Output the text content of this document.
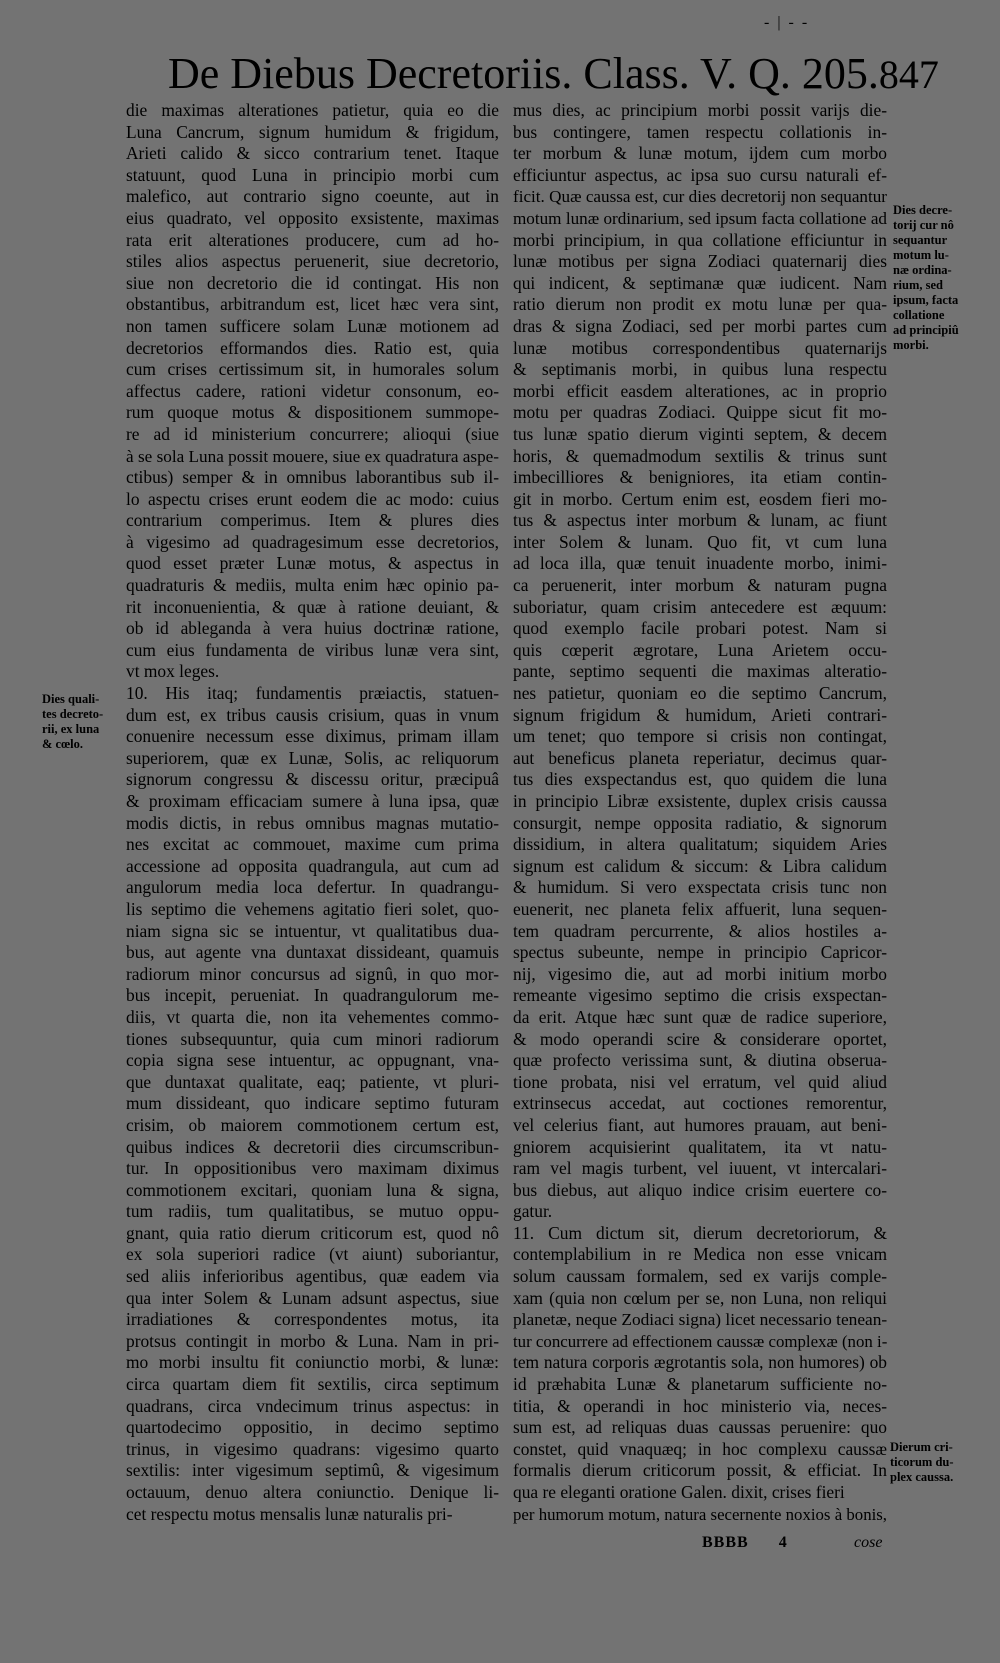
- | - -
De Diebus Decretoriis. Class. V. Q. 205. 847
die maximas alterationes patietur, quia eo die
Luna Cancrum, signum humidum & frigidum,
Arieti calido & sicco contrarium tenet. Itaque
statuunt, quod Luna in principio morbi cum
malefico, aut contrario signo coeunte, aut in
eius quadrato, vel opposito exsistente, maximas
rata erit alterationes producere, cum ad ho-
stiles alios aspectus peruenerit, siue decretorio,
siue non decretorio die id contingat. His non
obstantibus, arbitrandum est, licet hæc vera sint,
non tamen sufficere solam Lunæ motionem ad
decretorios efformandos dies. Ratio est, quia
cum crises certissimum sit, in humorales solum
affectus cadere, rationi videtur consonum, eo-
rum quoque motus & dispositionem summope-
re ad id ministerium concurrere; alioqui (siue
à se sola Luna possit mouere, siue ex quadratura aspe-
ctibus) semper & in omnibus laborantibus sub il-
lo aspectu crises erunt eodem die ac modo: cuius
contrarium comperimus. Item & plures dies
à vigesimo ad quadragesimum esse decretorios,
quod esset præter Lunæ motus, & aspectus in
quadraturis & mediis, multa enim hæc opinio pa-
rit inconuenientia, & quæ à ratione deuiant, &
ob id ableganda à vera huius doctrinæ ratione,
cum eius fundamenta de viribus lunæ vera sint,
vt mox leges.
10. His itaq; fundamentis præiactis, statuen-
dum est, ex tribus causis crisium, quas in vnum
conuenire necessum esse diximus, primam illam
superiorem, quæ ex Lunæ, Solis, ac reliquorum
signorum congressu & discessu oritur, præcipuâ
& proximam efficaciam sumere à luna ipsa, quæ
modis dictis, in rebus omnibus magnas mutatio-
nes excitat ac commouet, maxime cum prima
accessione ad opposita quadrangula, aut cum ad
angulorum media loca defertur. In quadrangu-
lis septimo die vehemens agitatio fieri solet, quo-
niam signa sic se intuentur, vt qualitatibus dua-
bus, aut agente vna duntaxat dissideant, quamuis
radiorum minor concursus ad signû, in quo mor-
bus incepit, perueniat. In quadrangulorum me-
diis, vt quarta die, non ita vehementes commo-
tiones subsequuntur, quia cum minori radiorum
copia signa sese intuentur, ac oppugnant, vna-
que duntaxat qualitate, eaq; patiente, vt pluri-
mum dissideant, quo indicare septimo futuram
crisim, ob maiorem commotionem certum est,
quibus indices & decretorii dies circumscribun-
tur. In oppositionibus vero maximam diximus
commotionem excitari, quoniam luna & signa,
tum radiis, tum qualitatibus, se mutuo oppu-
gnant, quia ratio dierum criticorum est, quod nô
ex sola superiori radice (vt aiunt) suboriantur,
sed aliis inferioribus agentibus, quæ eadem via
qua inter Solem & Lunam adsunt aspectus, siue
irradiationes & correspondentes motus, ita
protsus contingit in morbo & Luna. Nam in pri-
mo morbi insultu fit coniunctio morbi, & lunæ:
circa quartam diem fit sextilis, circa septimum
quadrans, circa vndecimum trinus aspectus: in
quartodecimo oppositio, in decimo septimo
trinus, in vigesimo quadrans: vigesimo quarto
sextilis: inter vigesimum septimû, & vigesimum
octauum, denuo altera coniunctio. Denique li-
cet respectu motus mensalis lunæ naturalis pri-
mus dies, ac principium morbi possit varijs die-
bus contingere, tamen respectu collationis in-
ter morbum & lunæ motum, ijdem cum morbo
efficiuntur aspectus, ac ipsa suo cursu naturali ef-
ficit. Quæ caussa est, cur dies decretorij non sequantur
motum lunæ ordinarium, sed ipsum facta collatione ad
morbi principium, in qua collatione efficiuntur in
lunæ motibus per signa Zodiaci quaternarij dies
qui indicent, & septimanæ quæ iudicent. Nam
ratio dierum non prodit ex motu lunæ per qua-
dras & signa Zodiaci, sed per morbi partes cum
lunæ motibus correspondentibus quaternarijs
& septimanis morbi, in quibus luna respectu
morbi efficit easdem alterationes, ac in proprio
motu per quadras Zodiaci. Quippe sicut fit mo-
tus lunæ spatio dierum viginti septem, & decem
horis, & quemadmodum sextilis & trinus sunt
imbecilliores & benigniores, ita etiam contin-
git in morbo. Certum enim est, eosdem fieri mo-
tus & aspectus inter morbum & lunam, ac fiunt
inter Solem & lunam. Quo fit, vt cum luna
ad loca illa, quæ tenuit inuadente morbo, inimi-
ca peruenerit, inter morbum & naturam pugna
suboriatur, quam crisim antecedere est æquum:
quod exemplo facile probari potest. Nam si
quis cœperit ægrotare, Luna Arietem occu-
pante, septimo sequenti die maximas alteratio-
nes patietur, quoniam eo die septimo Cancrum,
signum frigidum & humidum, Arieti contrari-
um tenet; quo tempore si crisis non contingat,
aut beneficus planeta reperiatur, decimus quar-
tus dies exspectandus est, quo quidem die luna
in principio Libræ exsistente, duplex crisis caussa
consurgit, nempe opposita radiatio, & signorum
dissidium, in altera qualitatum; siquidem Aries
signum est calidum & siccum: & Libra calidum
& humidum. Si vero exspectata crisis tunc non
euenerit, nec planeta felix affuerit, luna sequen-
tem quadram percurrente, & alios hostiles a-
spectus subeunte, nempe in principio Capricor-
nij, vigesimo die, aut ad morbi initium morbo
remeante vigesimo septimo die crisis exspectan-
da erit. Atque hæc sunt quæ de radice superiore,
& modo operandi scire & considerare oportet,
quæ profecto verissima sunt, & diutina obserua-
tione probata, nisi vel erratum, vel quid aliud
extrinsecus accedat, aut coctiones remorentur,
vel celerius fiant, aut humores prauam, aut beni-
gniorem acquisierint qualitatem, ita vt natu-
ram vel magis turbent, vel iuuent, vt intercalari-
bus diebus, aut aliquo indice crisim euertere co-
gatur.
11. Cum dictum sit, dierum decretoriorum, &
contemplabilium in re Medica non esse vnicam
solum caussam formalem, sed ex varijs comple-
xam (quia non cœlum per se, non Luna, non reliqui
planetæ, neque Zodiaci signa) licet necessario tenean-
tur concurrere ad effectionem caussæ complexæ (non i-
tem natura corporis ægrotantis sola, non humores) ob
id præhabita Lunæ & planetarum sufficiente no-
titia, & operandi in hoc ministerio via, neces-
sum est, ad reliquas duas caussas peruenire: quo
constet, quid vnaquæq; in hoc complexu caussæ
formalis dierum criticorum possit, & efficiat. In
qua re eleganti oratione Galen. dixit, crises fieri
per humorum motum, natura secernente noxios à bonis,
Dies quali-
tes decreto-
rii, ex luna
& cœlo.
Dies decre-
torij cur nô
sequantur
motum lu-
næ ordina-
rium, sed
ipsum, facta
collatione
ad principiû
morbi.
Dierum cri-
ticorum du-
plex caussa.
BBBB 4	cose
